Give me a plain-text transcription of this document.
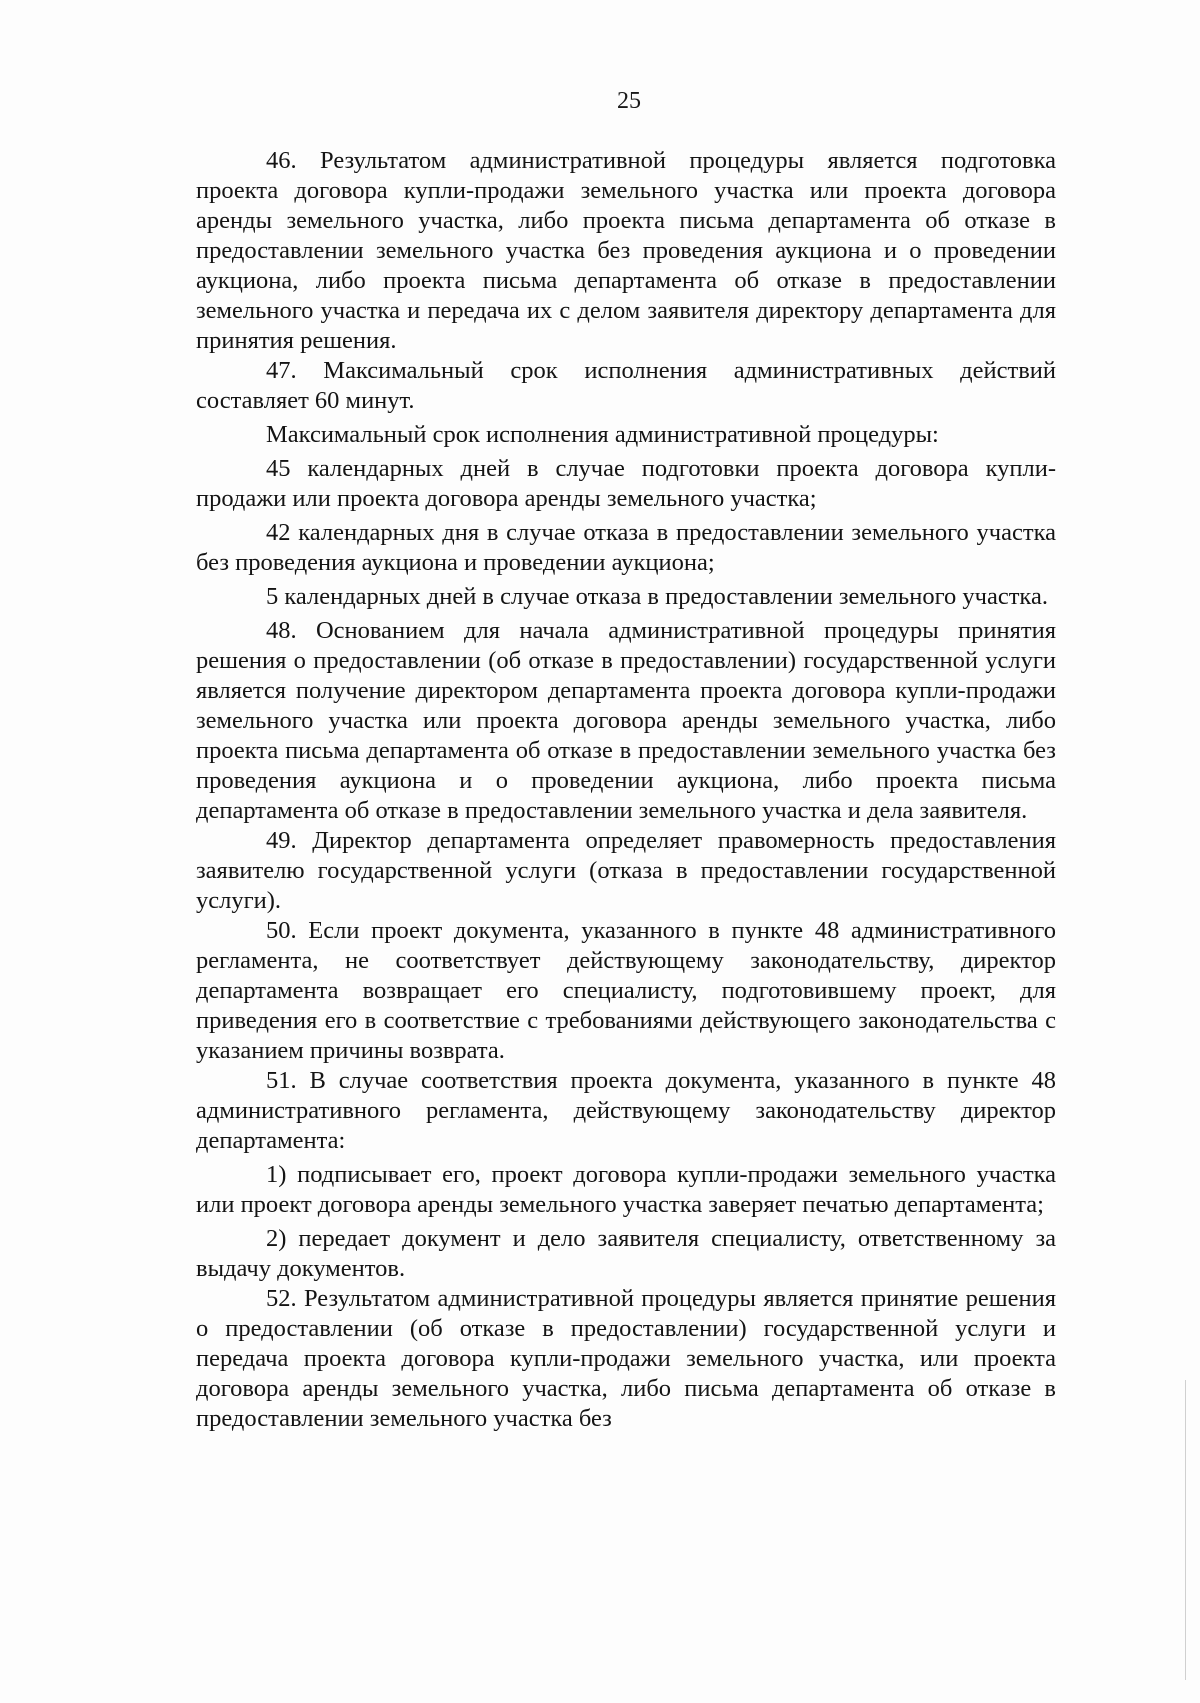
25

46. Результатом административной процедуры является подготовка проекта договора купли-продажи земельного участка или проекта договора аренды земельного участка, либо проекта письма департамента об отказе в предоставлении земельного участка без проведения аукциона и о проведении аукциона, либо проекта письма департамента об отказе в предоставлении земельного участка и передача их с делом заявителя директору департамента для принятия решения.

47. Максимальный срок исполнения административных действий составляет 60 минут.

Максимальный срок исполнения административной процедуры:

45 календарных дней в случае подготовки проекта договора купли-продажи или проекта договора аренды земельного участка;

42 календарных дня в случае отказа в предоставлении земельного участка без проведения аукциона и проведении аукциона;

5 календарных дней в случае отказа в предоставлении земельного участка.

48. Основанием для начала административной процедуры принятия решения о предоставлении (об отказе в предоставлении) государственной услуги является получение директором департамента проекта договора купли-продажи земельного участка или проекта договора аренды земельного участка, либо проекта письма департамента об отказе в предоставлении земельного участка без проведения аукциона и о проведении аукциона, либо проекта письма департамента об отказе в предоставлении земельного участка и дела заявителя.

49. Директор департамента определяет правомерность предоставления заявителю государственной услуги (отказа в предоставлении государственной услуги).

50. Если проект документа, указанного в пункте 48 административного регламента, не соответствует действующему законодательству, директор департамента возвращает его специалисту, подготовившему проект, для приведения его в соответствие с требованиями действующего законодательства с указанием причины возврата.

51. В случае соответствия проекта документа, указанного в пункте 48 административного регламента, действующему законодательству директор департамента:

1) подписывает его, проект договора купли-продажи земельного участка или проект договора аренды земельного участка заверяет печатью департамента;

2) передает документ и дело заявителя специалисту, ответственному за выдачу документов.

52. Результатом административной процедуры является принятие решения о предоставлении (об отказе в предоставлении) государственной услуги и передача проекта договора купли-продажи земельного участка, или проекта договора аренды земельного участка, либо письма департамента об отказе в предоставлении земельного участка без
